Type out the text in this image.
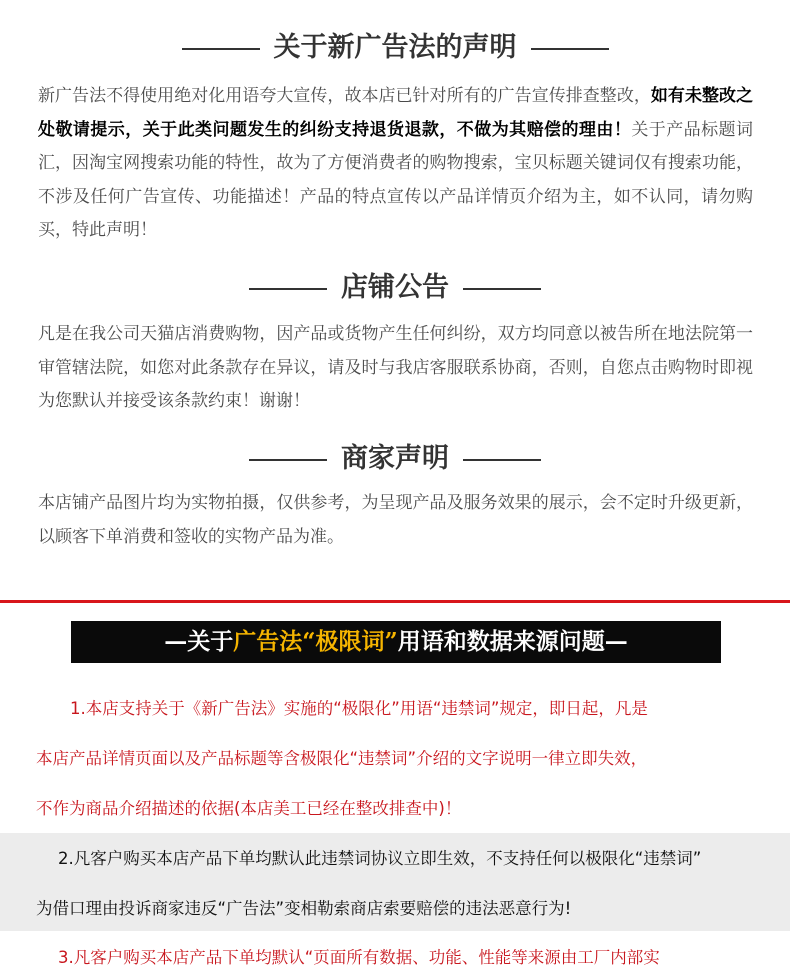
关于新广告法的声明

新广告法不得使用绝对化用语夸大宣传，故本店已针对所有的广告宣传排查整改，如有未整改之处敬请提示，关于此类问题发生的纠纷支持退货退款，不做为其赔偿的理由！关于产品标题词汇，因淘宝网搜索功能的特性，故为了方便消费者的购物搜索，宝贝标题关键词仅有搜索功能，不涉及任何广告宣传、功能描述！产品的特点宣传以产品详情页介绍为主，如不认同，请勿购买，特此声明！

店铺公告

凡是在我公司天猫店消费购物，因产品或货物产生任何纠纷，双方均同意以被告所在地法院第一审管辖法院，如您对此条款存在异议，请及时与我店客服联系协商，否则，自您点击购物时即视为您默认并接受该条款约束！谢谢！

商家声明

本店铺产品图片均为实物拍摄，仅供参考，为呈现产品及服务效果的展示，会不定时升级更新，以顾客下单消费和签收的实物产品为准。

—关于广告法“极限词”用语和数据来源问题—
1.本店支持关于《新广告法》实施的“极限化”用语“违禁词”规定，即日起，凡是
本店产品详情页面以及产品标题等含极限化“违禁词”介绍的文字说明一律立即失效，
不作为商品介绍描述的依据(本店美工已经在整改排查中)！
2.凡客户购买本店产品下单均默认此违禁词协议立即生效，不支持任何以极限化“违禁词”
为借口理由投诉商家违反“广告法”变相勒索商店索要赔偿的违法恶意行为!
3.凡客户购买本店产品下单均默认“页面所有数据、功能、性能等来源由工厂内部实
